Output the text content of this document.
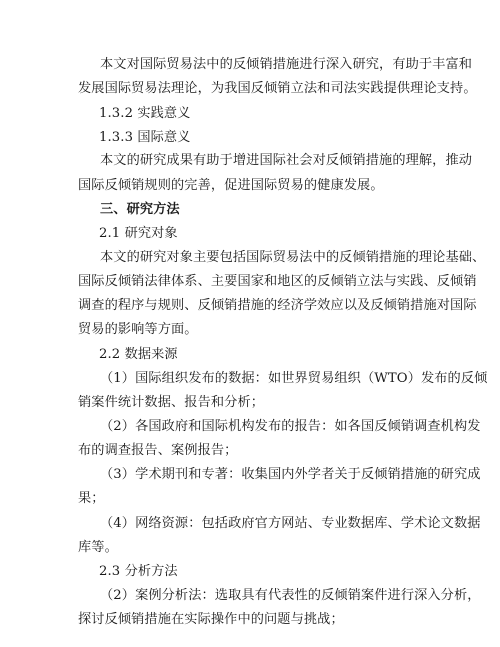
本文对国际贸易法中的反倾销措施进行深入研究，有助于丰富和
发展国际贸易法理论，为我国反倾销立法和司法实践提供理论支持。
1.3.2 实践意义
1.3.3 国际意义
本文的研究成果有助于增进国际社会对反倾销措施的理解，推动
国际反倾销规则的完善，促进国际贸易的健康发展。
三、研究方法
2.1 研究对象
本文的研究对象主要包括国际贸易法中的反倾销措施的理论基础、
国际反倾销法律体系、主要国家和地区的反倾销立法与实践、反倾销
调查的程序与规则、反倾销措施的经济学效应以及反倾销措施对国际
贸易的影响等方面。
2.2 数据来源
（1）国际组织发布的数据：如世界贸易组织（WTO）发布的反倾
销案件统计数据、报告和分析；
（2）各国政府和国际机构发布的报告：如各国反倾销调查机构发
布的调查报告、案例报告；
（3）学术期刊和专著：收集国内外学者关于反倾销措施的研究成
果；
（4）网络资源：包括政府官方网站、专业数据库、学术论文数据
库等。
2.3 分析方法
（2）案例分析法：选取具有代表性的反倾销案件进行深入分析，
探讨反倾销措施在实际操作中的问题与挑战；
